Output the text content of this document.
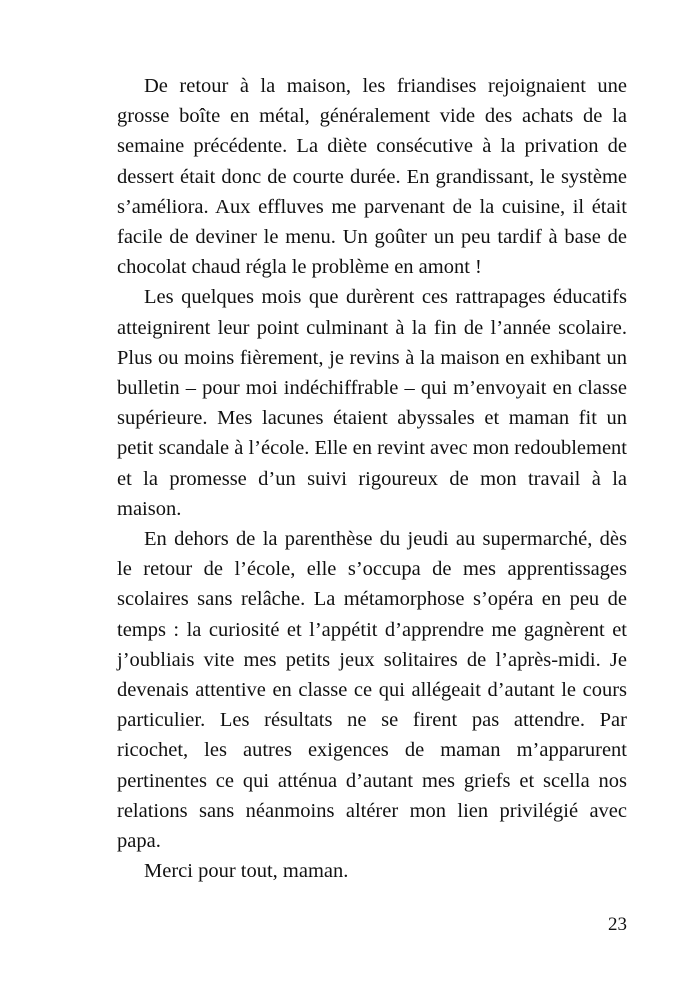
De retour à la maison, les friandises rejoignaient une grosse boîte en métal, généralement vide des achats de la semaine précédente. La diète consécutive à la privation de dessert était donc de courte durée. En grandissant, le système s’améliora. Aux effluves me parvenant de la cuisine, il était facile de deviner le menu. Un goûter un peu tardif à base de chocolat chaud régla le problème en amont !

Les quelques mois que durèrent ces rattrapages éducatifs atteignirent leur point culminant à la fin de l’année scolaire. Plus ou moins fièrement, je revins à la maison en exhibant un bulletin – pour moi indéchiffrable – qui m’envoyait en classe supérieure. Mes lacunes étaient abyssales et maman fit un petit scandale à l’école. Elle en revint avec mon redoublement et la promesse d’un suivi rigoureux de mon travail à la maison.

En dehors de la parenthèse du jeudi au supermarché, dès le retour de l’école, elle s’occupa de mes apprentissages scolaires sans relâche. La métamorphose s’opéra en peu de temps : la curiosité et l’appétit d’apprendre me gagnèrent et j’oubliais vite mes petits jeux solitaires de l’après-midi. Je devenais attentive en classe ce qui allégeait d’autant le cours particulier. Les résultats ne se firent pas attendre. Par ricochet, les autres exigences de maman m’apparurent pertinentes ce qui atténua d’autant mes griefs et scella nos relations sans néanmoins altérer mon lien privilégié avec papa.

Merci pour tout, maman.

23
